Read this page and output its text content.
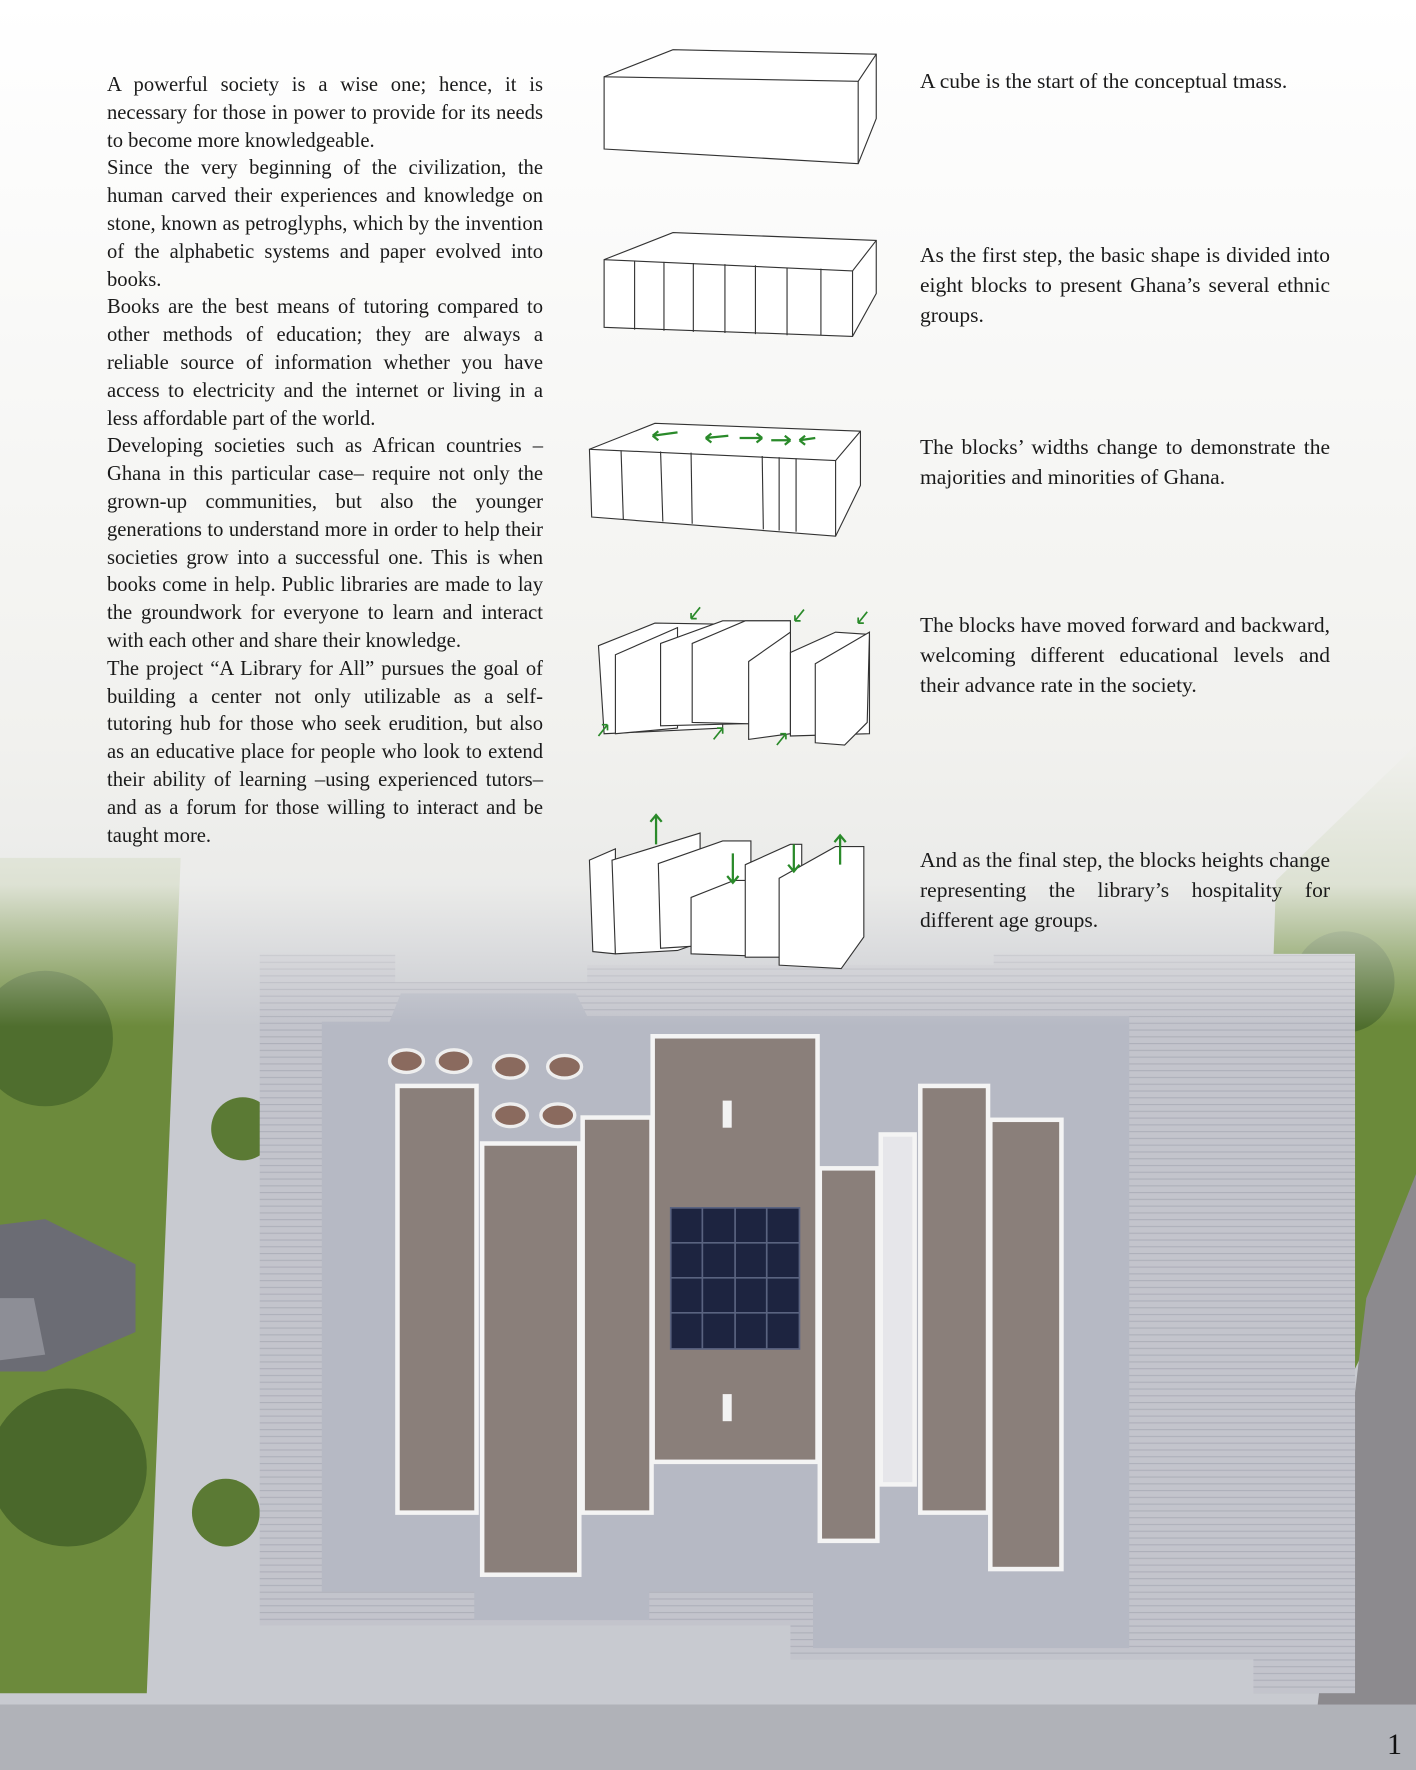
A powerful society is a wise one; hence, it is necessary for those in power to provide for its needs to become more knowledgeable.

Since the very beginning of the civilization, the human carved their experiences and knowledge on stone, known as petroglyphs, which by the invention of the alphabetic systems and paper evolved into books.

Books are the best means of tutoring compared to other methods of education; they are always a reliable source of information whether you have access to electricity and the internet or living in a less affordable part of the world.

Developing societies such as African countries –Ghana in this particular case– require not only the grown-up communities, but also the younger generations to understand more in order to help their societies grow into a successful one. This is when books come in help. Public libraries are made to lay the groundwork for everyone to learn and interact with each other and share their knowledge.

The project “A Library for All” pursues the goal of building a center not only utilizable as a self-tutoring hub for those who seek erudition, but also as an educative place for people who look to extend their ability of learning –using experienced tutors– and as a forum for those willing to interact and be taught more.

A cube is the start of the conceptual tmass.
As the first step, the basic shape is divided into eight blocks to present Ghana’s several ethnic groups.
The blocks’ widths change to demonstrate the majorities and minorities of Ghana.
The blocks have moved forward and backward, welcoming different educational levels and their advance rate in the society.
And as the final step, the blocks heights change representing the library’s hospitality for different age groups.
1
